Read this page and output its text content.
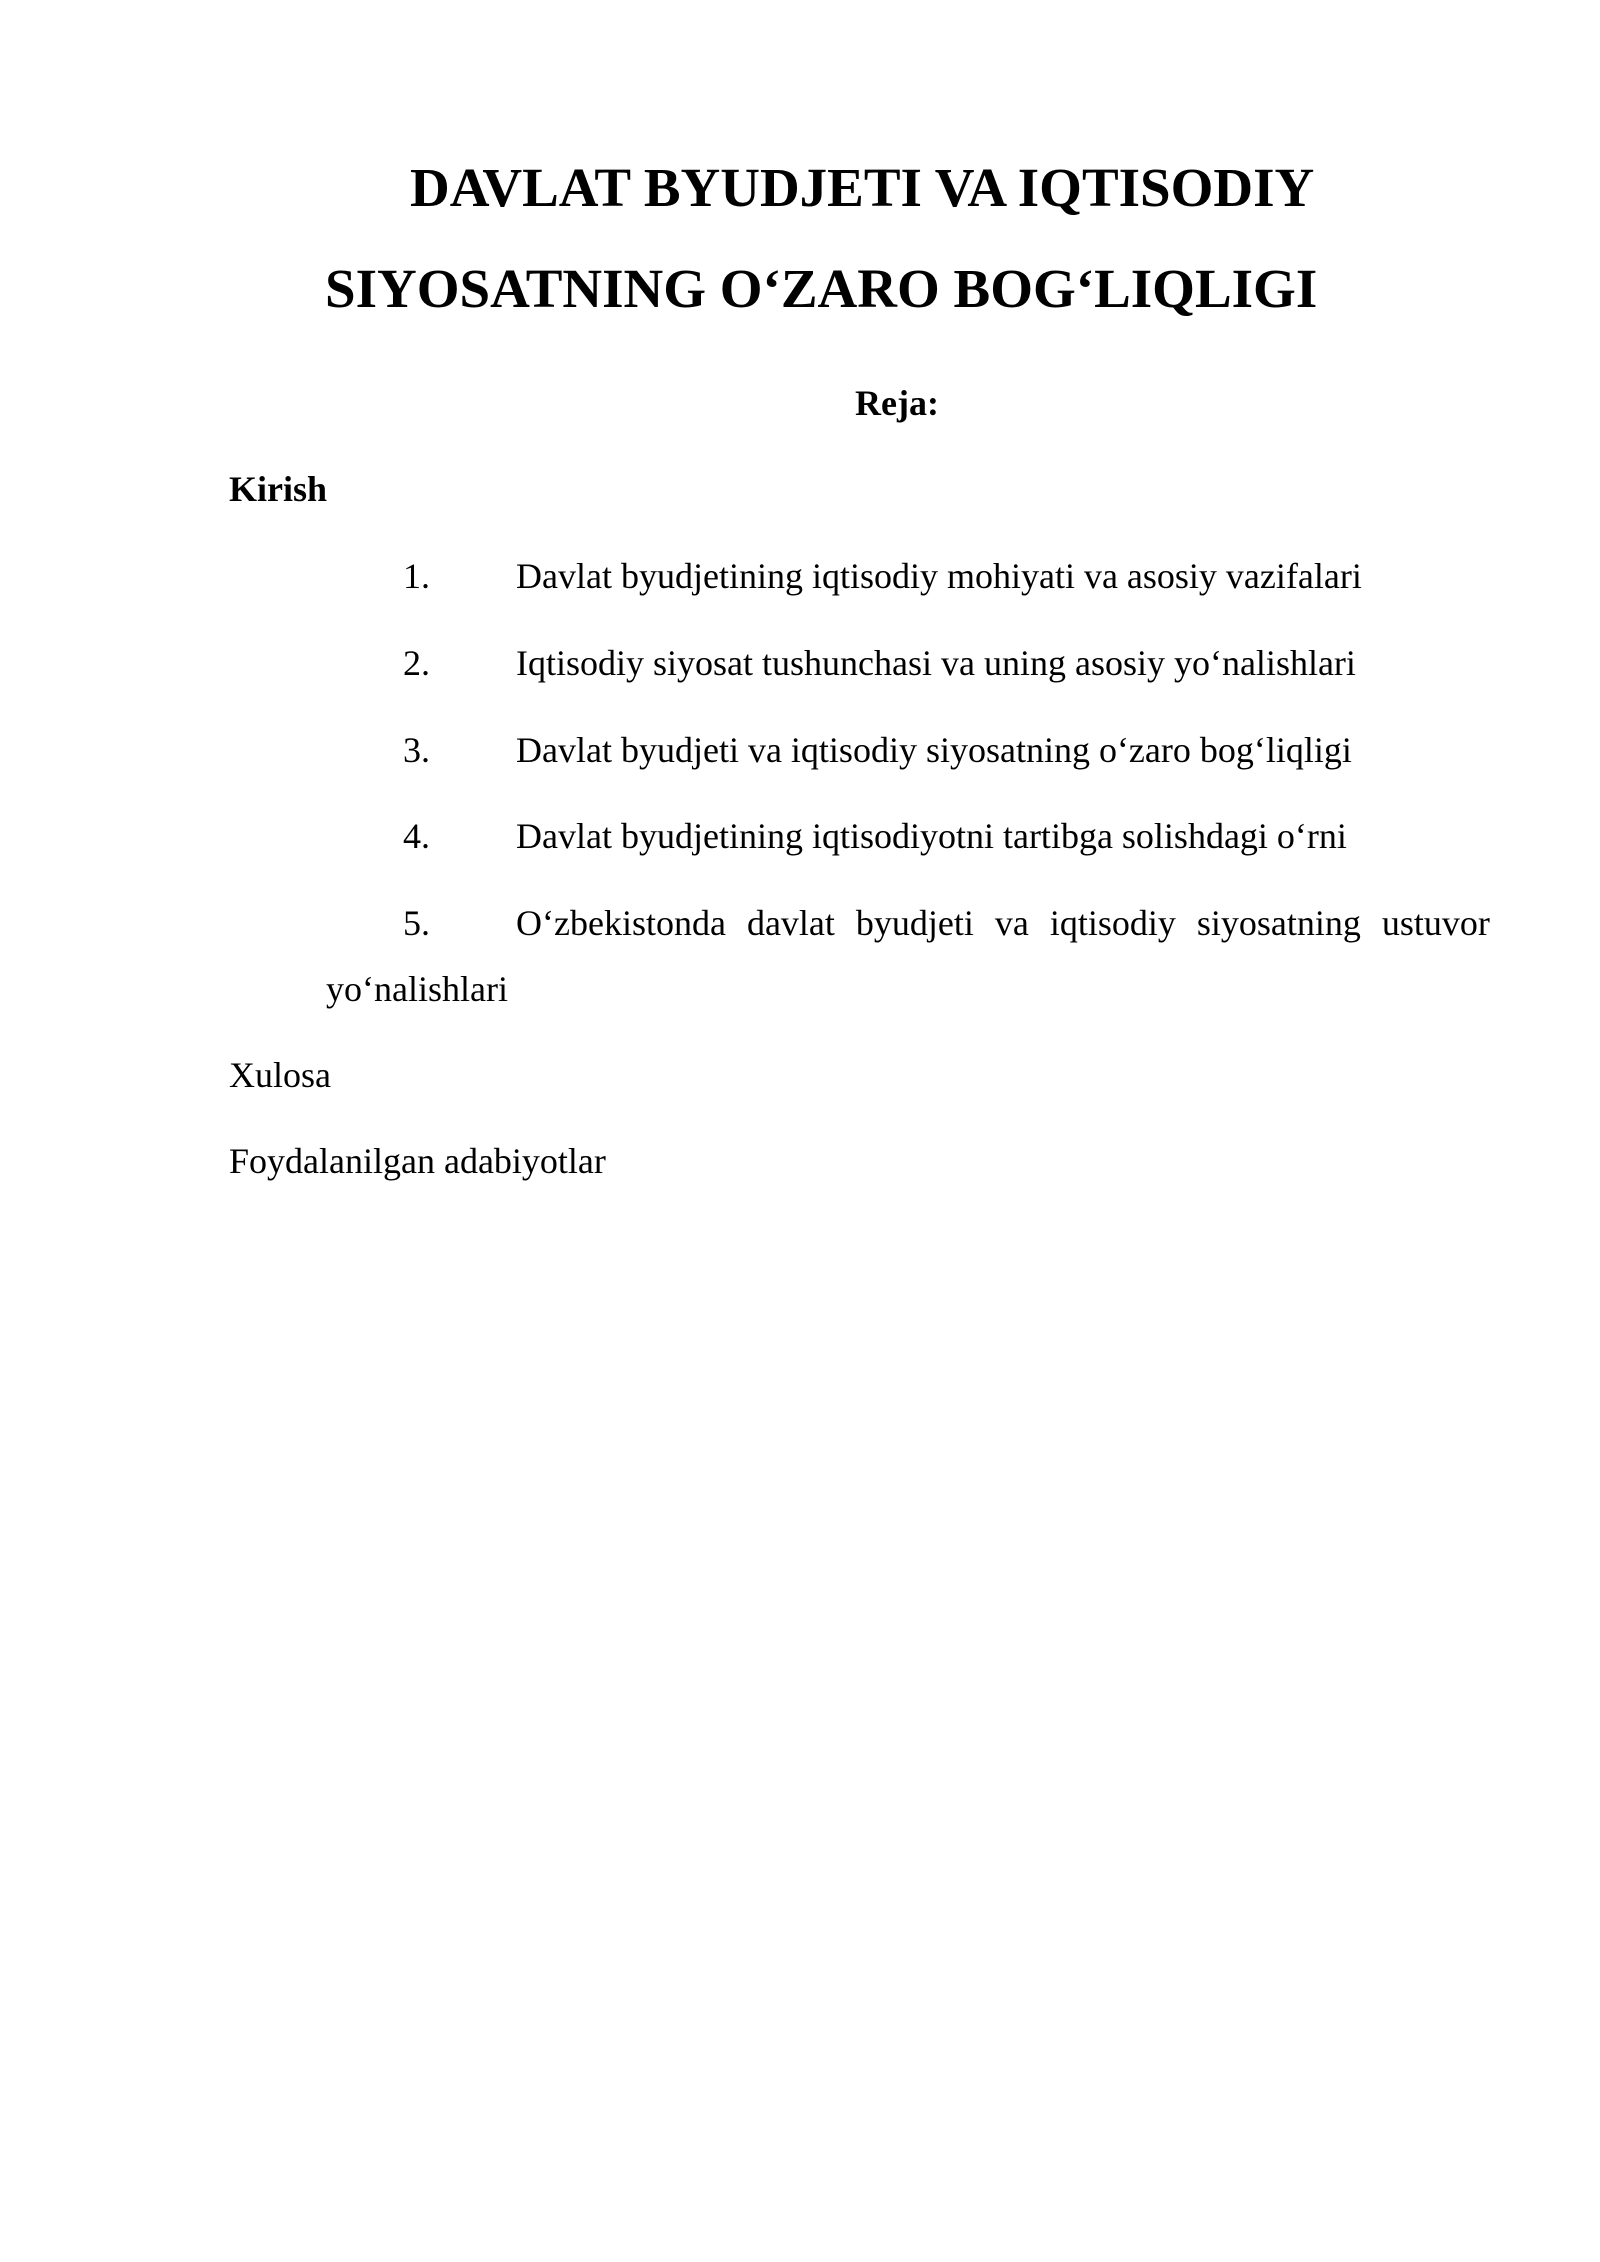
DAVLAT BYUDJETI VA IQTISODIY
SIYOSATNING O‘ZARO BOG‘LIQLIGI

Reja:

Kirish

1. Davlat byudjetining iqtisodiy mohiyati va asosiy vazifalari
2. Iqtisodiy siyosat tushunchasi va uning asosiy yo‘nalishlari
3. Davlat byudjeti va iqtisodiy siyosatning o‘zaro bog‘liqligi
4. Davlat byudjetining iqtisodiyotni tartibga solishdagi o‘rni
5. O‘zbekistonda davlat byudjeti va iqtisodiy siyosatning ustuvor
yo‘nalishlari

Xulosa

Foydalanilgan adabiyotlar
